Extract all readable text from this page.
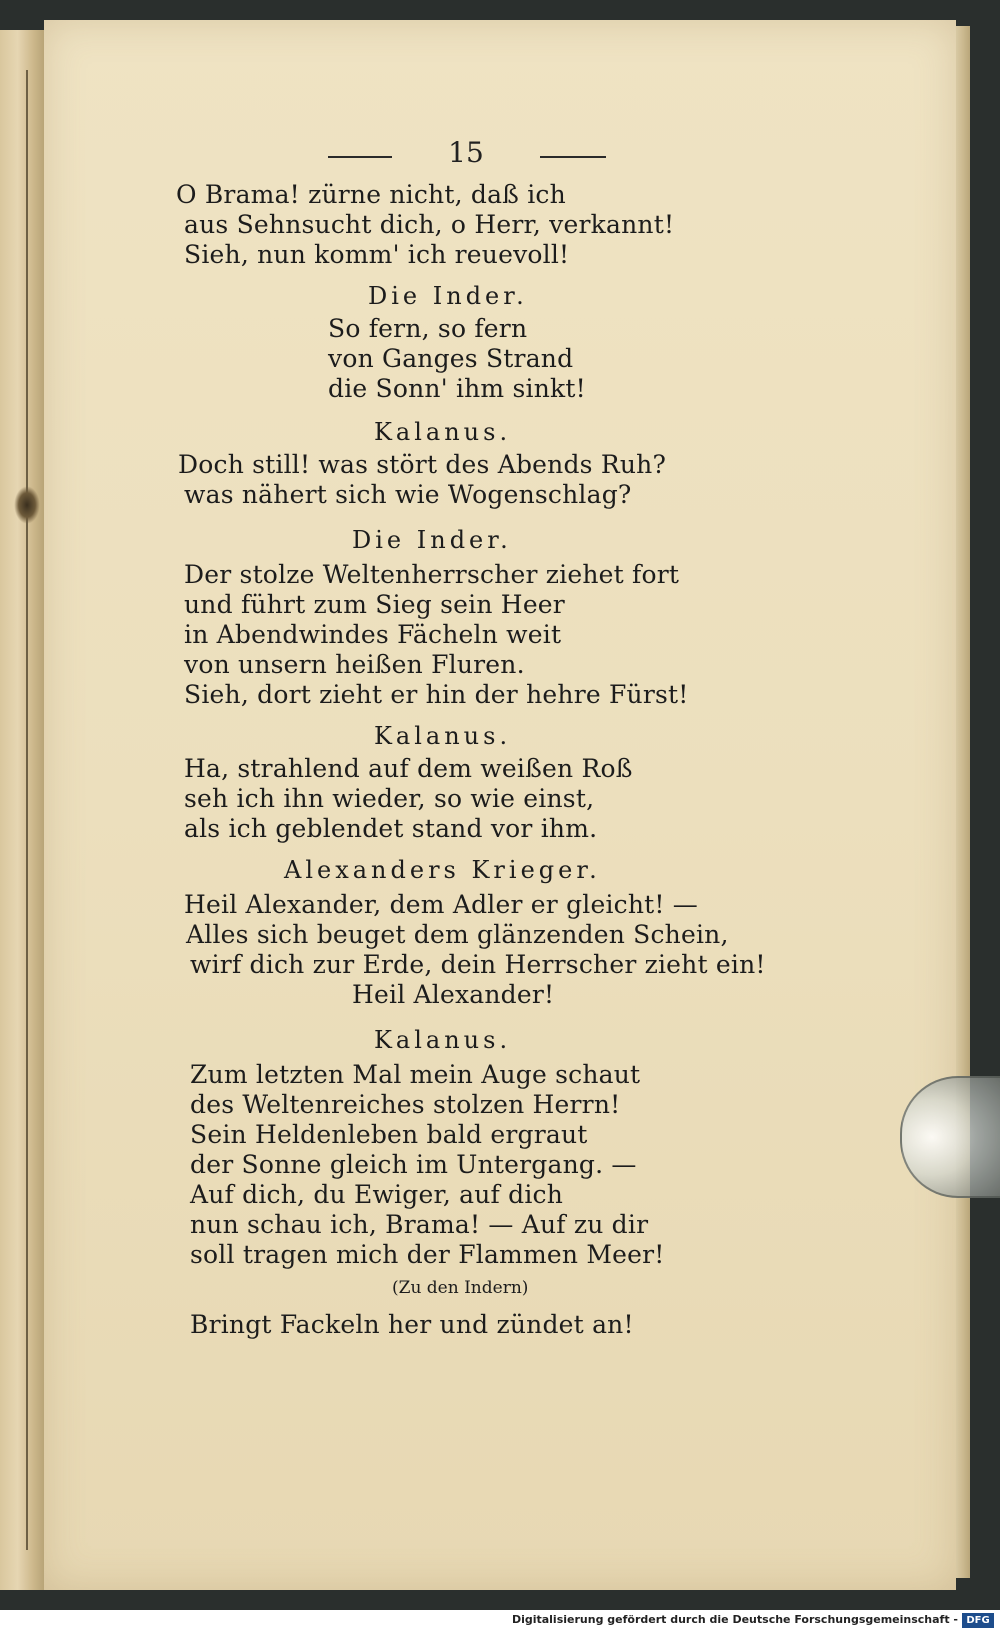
15
O Brama! zürne nicht, daß ich
aus Sehnsucht dich, o Herr, verkannt!
Sieh, nun komm' ich reuevoll!
Die Inder.
So fern, so fern
von Ganges Strand
die Sonn' ihm sinkt!
Kalanus.
Doch still! was stört des Abends Ruh?
was nähert sich wie Wogenschlag?
Die Inder.
Der stolze Weltenherrscher ziehet fort
und führt zum Sieg sein Heer
in Abendwindes Fächeln weit
von unsern heißen Fluren.
Sieh, dort zieht er hin der hehre Fürst!
Kalanus.
Ha, strahlend auf dem weißen Roß
seh ich ihn wieder, so wie einst,
als ich geblendet stand vor ihm.
Alexanders Krieger.
Heil Alexander, dem Adler er gleicht! —
Alles sich beuget dem glänzenden Schein,
wirf dich zur Erde, dein Herrscher zieht ein!
Heil Alexander!
Kalanus.
Zum letzten Mal mein Auge schaut
des Weltenreiches stolzen Herrn!
Sein Heldenleben bald ergraut
der Sonne gleich im Untergang. —
Auf dich, du Ewiger, auf dich
nun schau ich, Brama! — Auf zu dir
soll tragen mich der Flammen Meer!
(Zu den Indern)
Bringt Fackeln her und zündet an!
Digitalisierung gefördert durch die Deutsche Forschungsgemeinschaft - DFG
